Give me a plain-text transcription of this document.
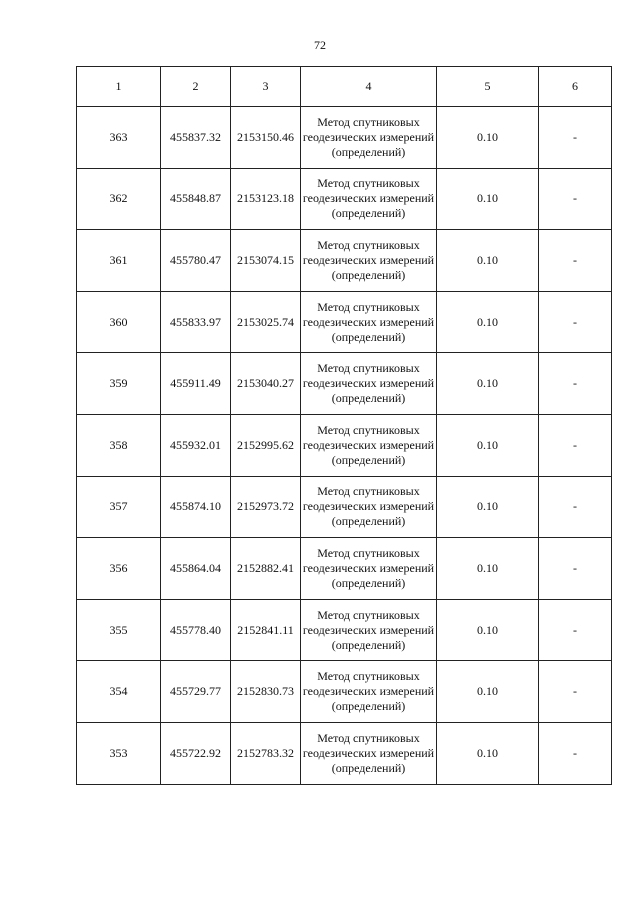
72
1	2	3	4	5	6
363	455837.32	2153150.46	Метод спутниковых геодезических измерений (определений)	0.10	-
362	455848.87	2153123.18	Метод спутниковых геодезических измерений (определений)	0.10	-
361	455780.47	2153074.15	Метод спутниковых геодезических измерений (определений)	0.10	-
360	455833.97	2153025.74	Метод спутниковых геодезических измерений (определений)	0.10	-
359	455911.49	2153040.27	Метод спутниковых геодезических измерений (определений)	0.10	-
358	455932.01	2152995.62	Метод спутниковых геодезических измерений (определений)	0.10	-
357	455874.10	2152973.72	Метод спутниковых геодезических измерений (определений)	0.10	-
356	455864.04	2152882.41	Метод спутниковых геодезических измерений (определений)	0.10	-
355	455778.40	2152841.11	Метод спутниковых геодезических измерений (определений)	0.10	-
354	455729.77	2152830.73	Метод спутниковых геодезических измерений (определений)	0.10	-
353	455722.92	2152783.32	Метод спутниковых геодезических измерений (определений)	0.10	-
